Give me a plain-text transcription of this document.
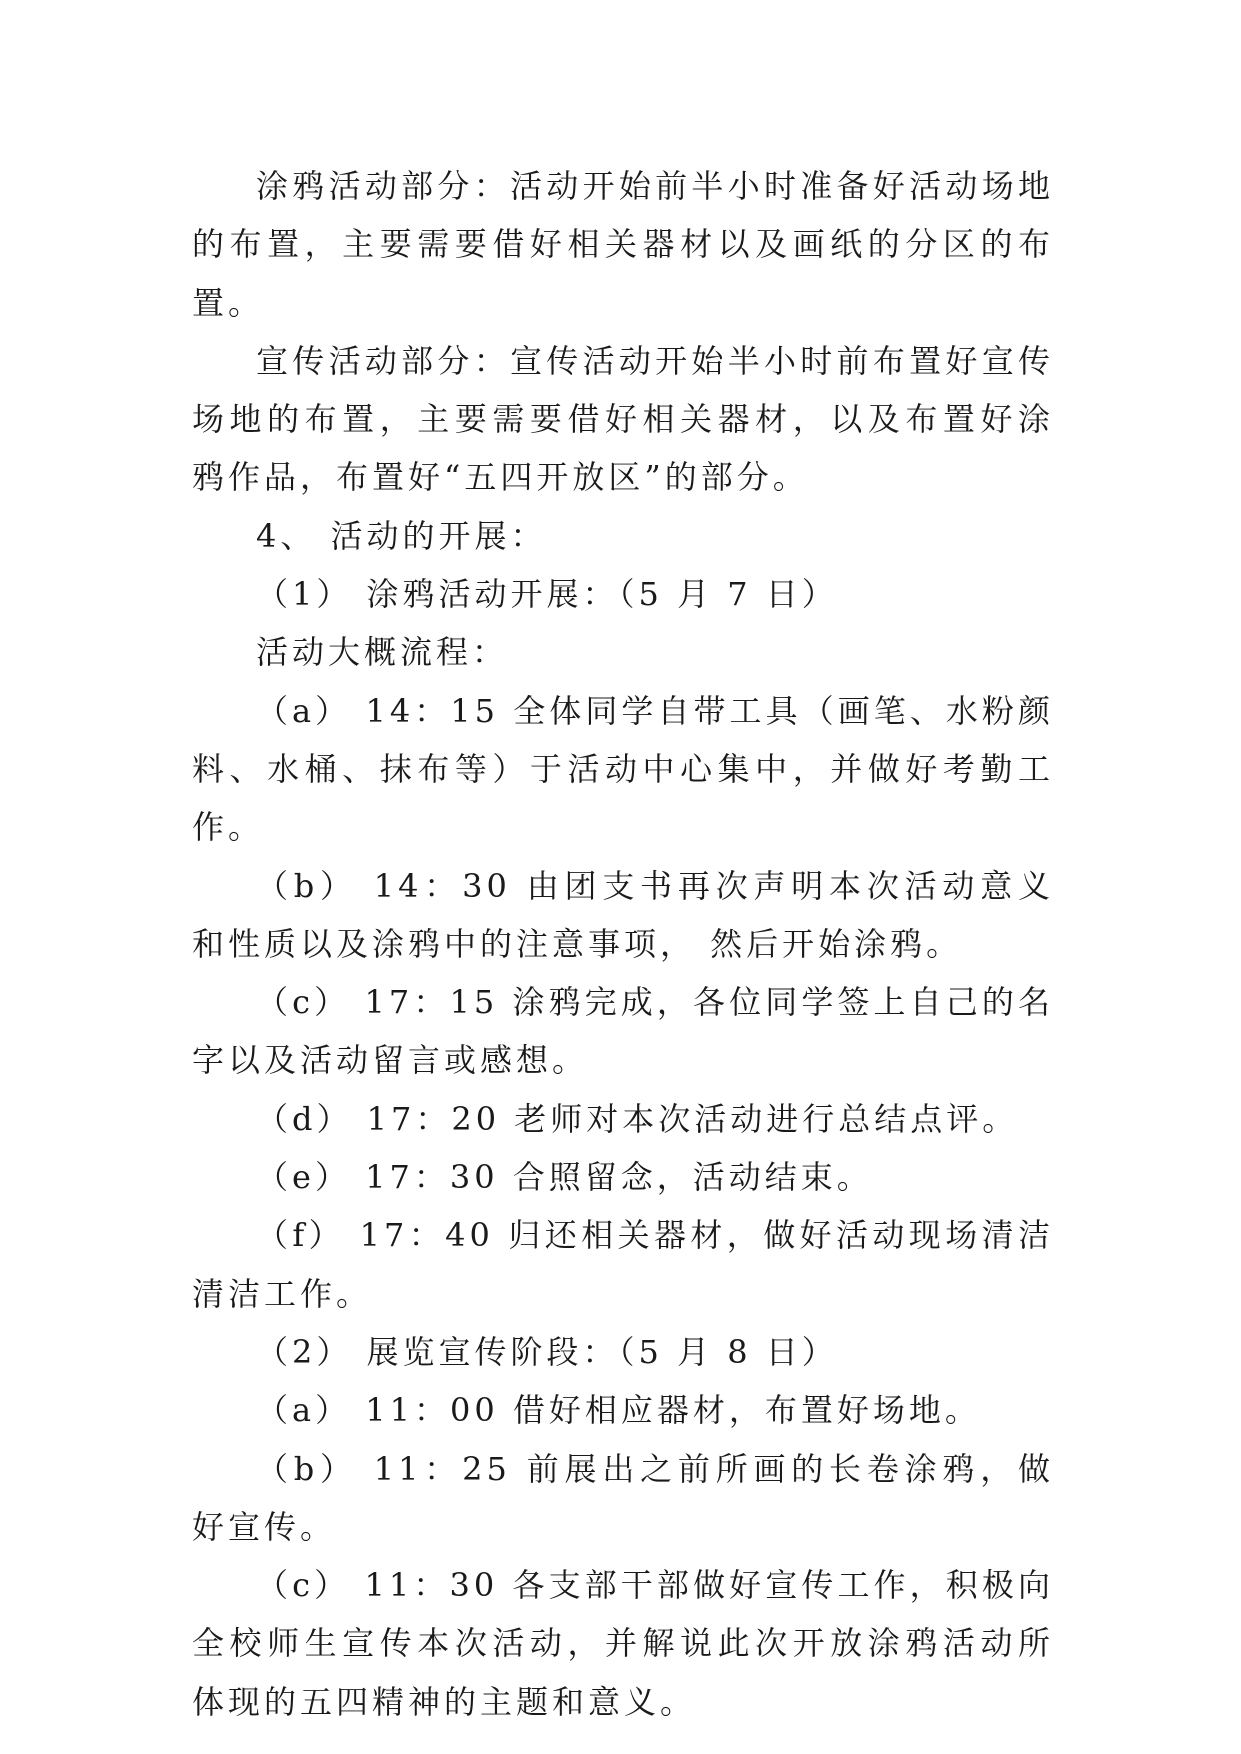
涂鸦活动部分：活动开始前半小时准备好活动场地的布置，主要需要借好相关器材以及画纸的分区的布置。

宣传活动部分：宣传活动开始半小时前布置好宣传场地的布置，主要需要借好相关器材，以及布置好涂鸦作品，布置好“五四开放区”的部分。

4、 活动的开展：

（1） 涂鸦活动开展：（5 月 7 日）

活动大概流程：

（a） 14：15 全体同学自带工具（画笔、水粉颜料、水桶、抹布等）于活动中心集中，并做好考勤工作。

（b） 14：30 由团支书再次声明本次活动意义和性质以及涂鸦中的注意事项， 然后开始涂鸦。

（c） 17：15 涂鸦完成，各位同学签上自己的名字以及活动留言或感想。

（d） 17：20 老师对本次活动进行总结点评。

（e） 17：30 合照留念，活动结束。

（f） 17：40 归还相关器材，做好活动现场清洁清洁工作。

（2） 展览宣传阶段：（5 月 8 日）

（a） 11：00 借好相应器材，布置好场地。

（b） 11：25 前展出之前所画的长卷涂鸦，做好宣传。

（c） 11：30 各支部干部做好宣传工作，积极向全校师生宣传本次活动，并解说此次开放涂鸦活动所体现的五四精神的主题和意义。
